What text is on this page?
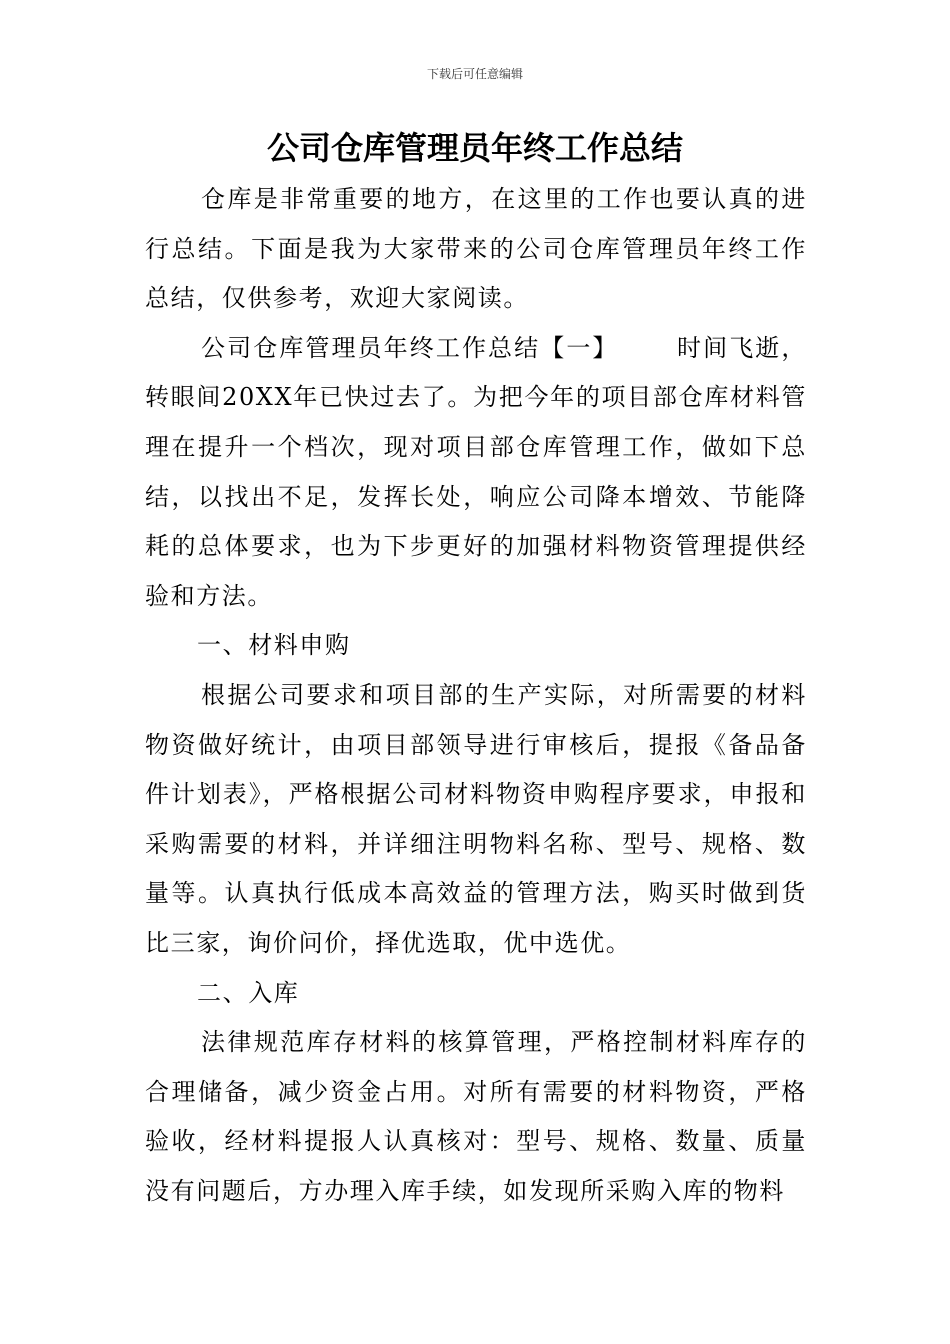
下载后可任意编辑
公司仓库管理员年终工作总结

仓库是非常重要的地方，在这里的工作也要认真的进行总结。下面是我为大家带来的公司仓库管理员年终工作总结，仅供参考，欢迎大家阅读。

公司仓库管理员年终工作总结【一】 时间飞逝，转眼间20XX年已快过去了。为把今年的项目部仓库材料管理在提升一个档次，现对项目部仓库管理工作，做如下总结，以找出不足，发挥长处，响应公司降本增效、节能降耗的总体要求，也为下步更好的加强材料物资管理提供经验和方法。

一、材料申购

根据公司要求和项目部的生产实际，对所需要的材料物资做好统计，由项目部领导进行审核后，提报《备品备件计划表》，严格根据公司材料物资申购程序要求，申报和采购需要的材料，并详细注明物料名称、型号、规格、数量等。认真执行低成本高效益的管理方法，购买时做到货比三家，询价问价，择优选取，优中选优。

二、入库

法律规范库存材料的核算管理，严格控制材料库存的合理储备，减少资金占用。对所有需要的材料物资，严格验收，经材料提报人认真核对：型号、规格、数量、质量没有问题后，方办理入库手续，如发现所采购入库的物料
